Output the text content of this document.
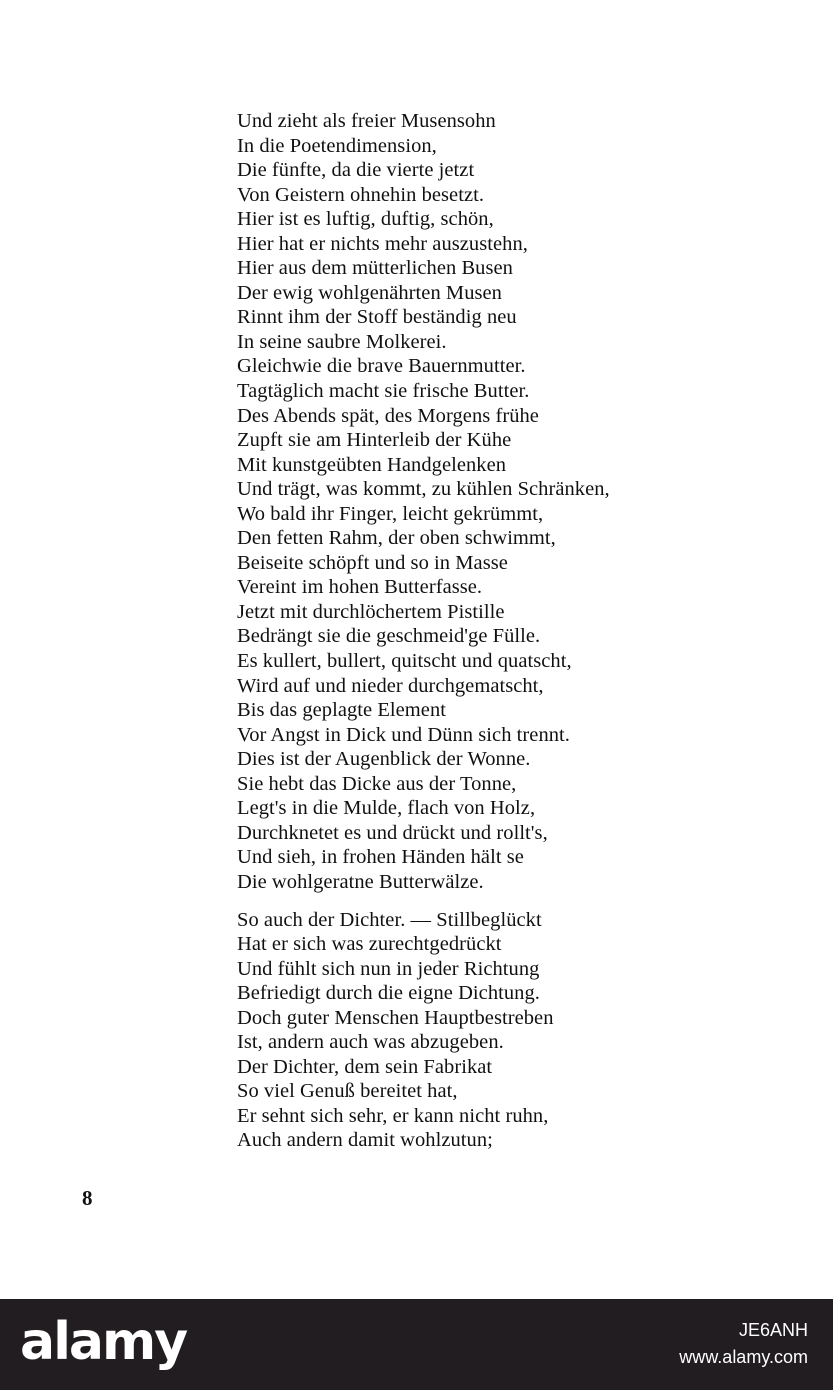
Und zieht als freier Musensohn
In die Poetendimension,
Die fünfte, da die vierte jetzt
Von Geistern ohnehin besetzt.
Hier ist es luftig, duftig, schön,
Hier hat er nichts mehr auszustehn,
Hier aus dem mütterlichen Busen
Der ewig wohlgenährten Musen
Rinnt ihm der Stoff beständig neu
In seine saubre Molkerei.
Gleichwie die brave Bauernmutter.
Tagtäglich macht sie frische Butter.
Des Abends spät, des Morgens frühe
Zupft sie am Hinterleib der Kühe
Mit kunstgeübten Handgelenken
Und trägt, was kommt, zu kühlen Schränken,
Wo bald ihr Finger, leicht gekrümmt,
Den fetten Rahm, der oben schwimmt,
Beiseite schöpft und so in Masse
Vereint im hohen Butterfasse.
Jetzt mit durchlöchertem Pistille
Bedrängt sie die geschmeid'ge Fülle.
Es kullert, bullert, quitscht und quatscht,
Wird auf und nieder durchgematscht,
Bis das geplagte Element
Vor Angst in Dick und Dünn sich trennt.
Dies ist der Augenblick der Wonne.
Sie hebt das Dicke aus der Tonne,
Legt's in die Mulde, flach von Holz,
Durchknetet es und drückt und rollt's,
Und sieh, in frohen Händen hält se
Die wohlgeratne Butterwälze.
So auch der Dichter. — Stillbeglückt
Hat er sich was zurechtgedrückt
Und fühlt sich nun in jeder Richtung
Befriedigt durch die eigne Dichtung.
Doch guter Menschen Hauptbestreben
Ist, andern auch was abzugeben.
Der Dichter, dem sein Fabrikat
So viel Genuß bereitet hat,
Er sehnt sich sehr, er kann nicht ruhn,
Auch andern damit wohlzutun;
8
alamy	JE6ANH
www.alamy.com
